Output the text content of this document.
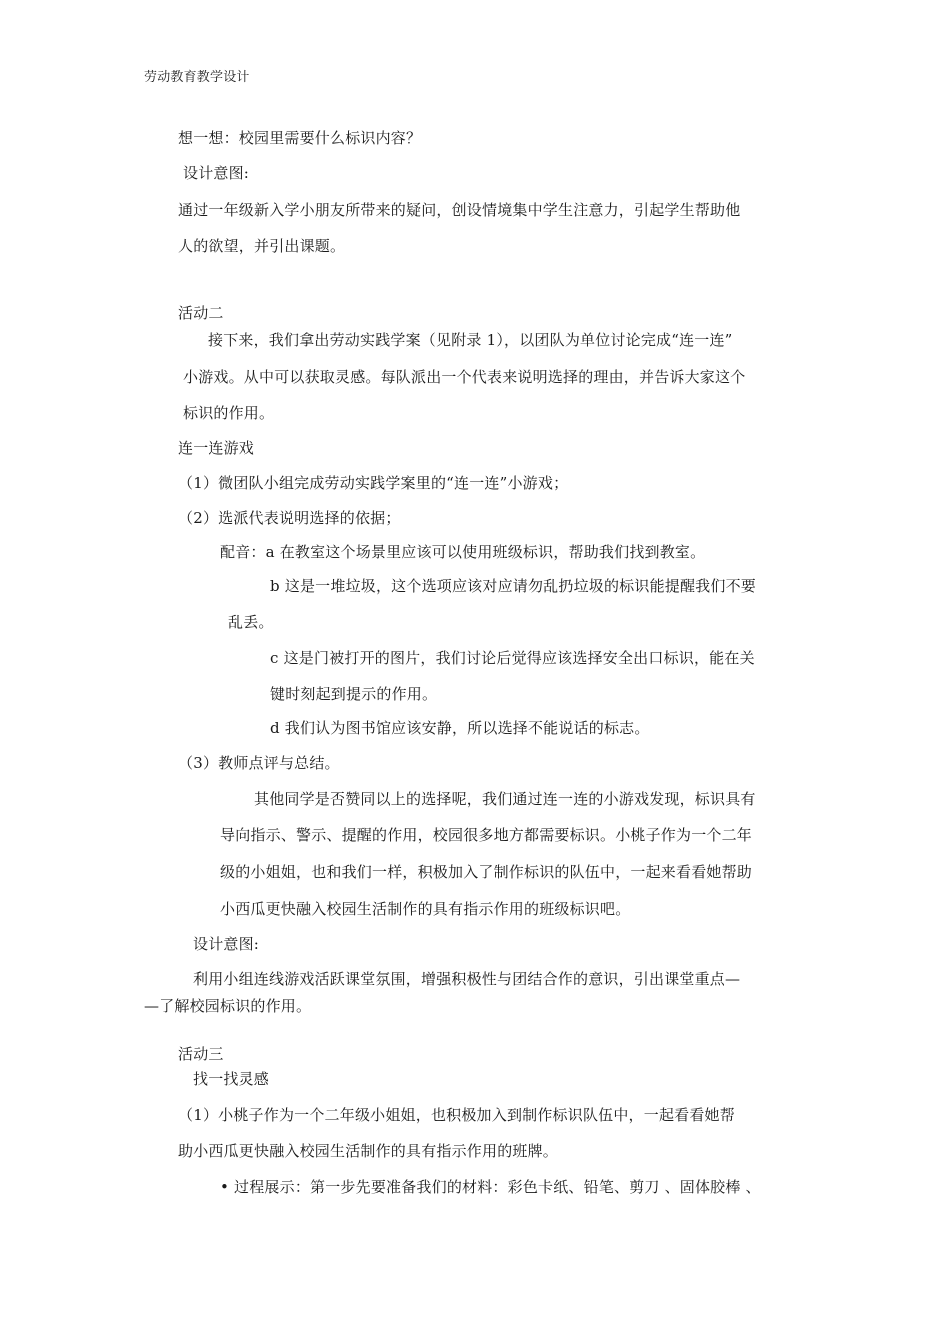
劳动教育教学设计
想一想：校园里需要什么标识内容？
设计意图:
通过一年级新入学小朋友所带来的疑问，创设情境集中学生注意力，引起学生帮助他
人的欲望，并引出课题。
活动二
接下来，我们拿出劳动实践学案（见附录 1），以团队为单位讨论完成“连一连”
小游戏。从中可以获取灵感。每队派出一个代表来说明选择的理由，并告诉大家这个
标识的作用。
连一连游戏
（1）微团队小组完成劳动实践学案里的“连一连”小游戏；
（2）选派代表说明选择的依据；
配音：a 在教室这个场景里应该可以使用班级标识，帮助我们找到教室。
b 这是一堆垃圾，这个选项应该对应请勿乱扔垃圾的标识能提醒我们不要
乱丢。
c 这是门被打开的图片，我们讨论后觉得应该选择安全出口标识，能在关
键时刻起到提示的作用。
d 我们认为图书馆应该安静，所以选择不能说话的标志。
（3）教师点评与总结。
其他同学是否赞同以上的选择呢，我们通过连一连的小游戏发现，标识具有
导向指示、警示、提醒的作用，校园很多地方都需要标识。小桃子作为一个二年
级的小姐姐，也和我们一样，积极加入了制作标识的队伍中，一起来看看她帮助
小西瓜更快融入校园生活制作的具有指示作用的班级标识吧。
设计意图:
利用小组连线游戏活跃课堂氛围，增强积极性与团结合作的意识，引出课堂重点—
—了解校园标识的作用。
活动三
找一找灵感
（1）小桃子作为一个二年级小姐姐，也积极加入到制作标识队伍中，一起看看她帮
助小西瓜更快融入校园生活制作的具有指示作用的班牌。
• 过程展示：第一步先要准备我们的材料：彩色卡纸、铅笔、剪刀 、固体胶棒 、
